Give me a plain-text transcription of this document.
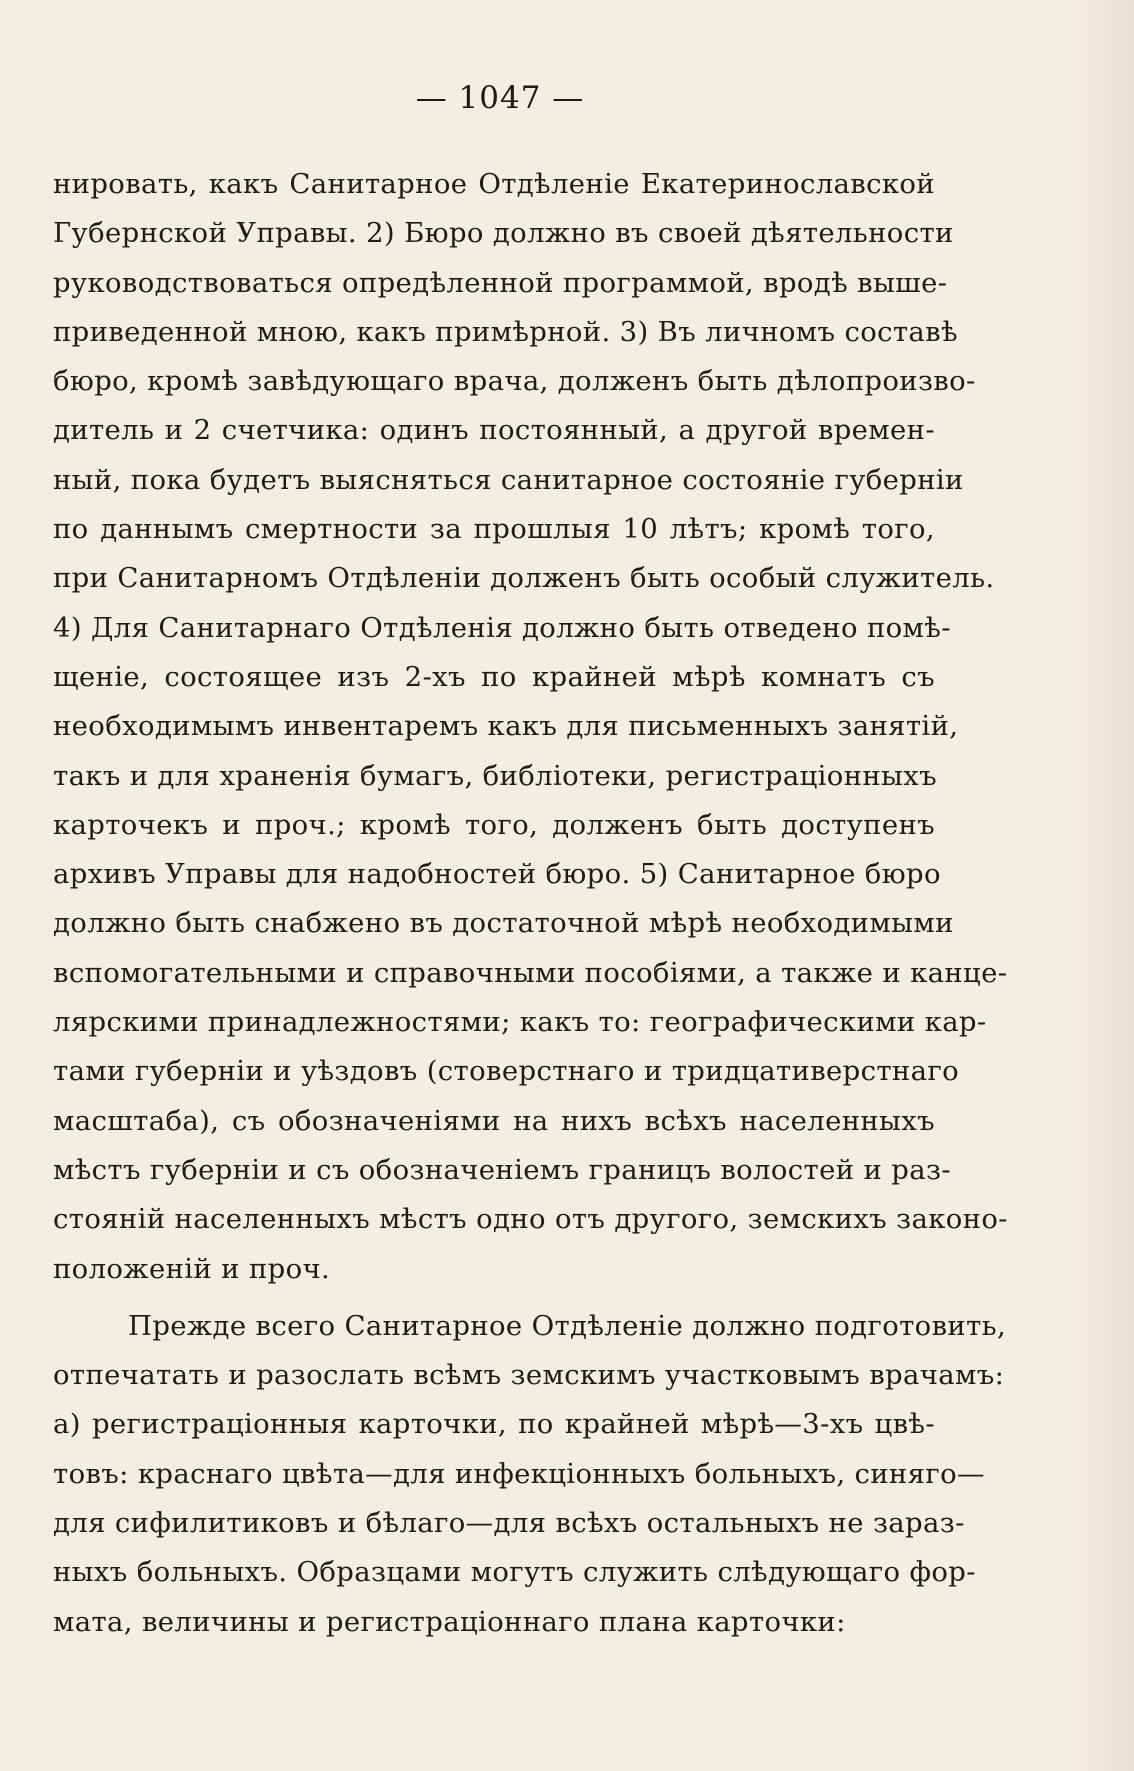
— 1047 —
нировать, какъ Санитарное Отдѣленіе Екатеринославской
Губернской Управы. 2) Бюро должно въ своей дѣятельности
руководствоваться опредѣленной программой, вродѣ выше-
приведенной мною, какъ примѣрной. 3) Въ личномъ составѣ
бюро, кромѣ завѣдующаго врача, долженъ быть дѣлопроизво-
дитель и 2 счетчика: одинъ постоянный, а другой времен-
ный, пока будетъ выясняться санитарное состояніе губерніи
по даннымъ смертности за прошлыя 10 лѣтъ; кромѣ того,
при Санитарномъ Отдѣленіи долженъ быть особый служитель.
4) Для Санитарнаго Отдѣленія должно быть отведено помѣ-
щеніе, состоящее изъ 2-хъ по крайней мѣрѣ комнатъ съ
необходимымъ инвентаремъ какъ для письменныхъ занятій,
такъ и для храненія бумагъ, библіотеки, регистраціонныхъ
карточекъ и проч.; кромѣ того, долженъ быть доступенъ
архивъ Управы для надобностей бюро. 5) Санитарное бюро
должно быть снабжено въ достаточной мѣрѣ необходимыми
вспомогательными и справочными пособіями, а также и канце-
лярскими принадлежностями; какъ то: географическими кар-
тами губерніи и уѣздовъ (стоверстнаго и тридцативерстнаго
масштаба), съ обозначеніями на нихъ всѣхъ населенныхъ
мѣстъ губерніи и съ обозначеніемъ границъ волостей и раз-
стояній населенныхъ мѣстъ одно отъ другого, земскихъ законо-
положеній и проч.
Прежде всего Санитарное Отдѣленіе должно подготовить,
отпечатать и разослать всѣмъ земскимъ участковымъ врачамъ:
а) регистраціонныя карточки, по крайней мѣрѣ—3-хъ цвѣ-
товъ: краснаго цвѣта—для инфекціонныхъ больныхъ, синяго—
для сифилитиковъ и бѣлаго—для всѣхъ остальныхъ не зараз-
ныхъ больныхъ. Образцами могутъ служить слѣдующаго фор-
мата, величины и регистраціоннаго плана карточки:
